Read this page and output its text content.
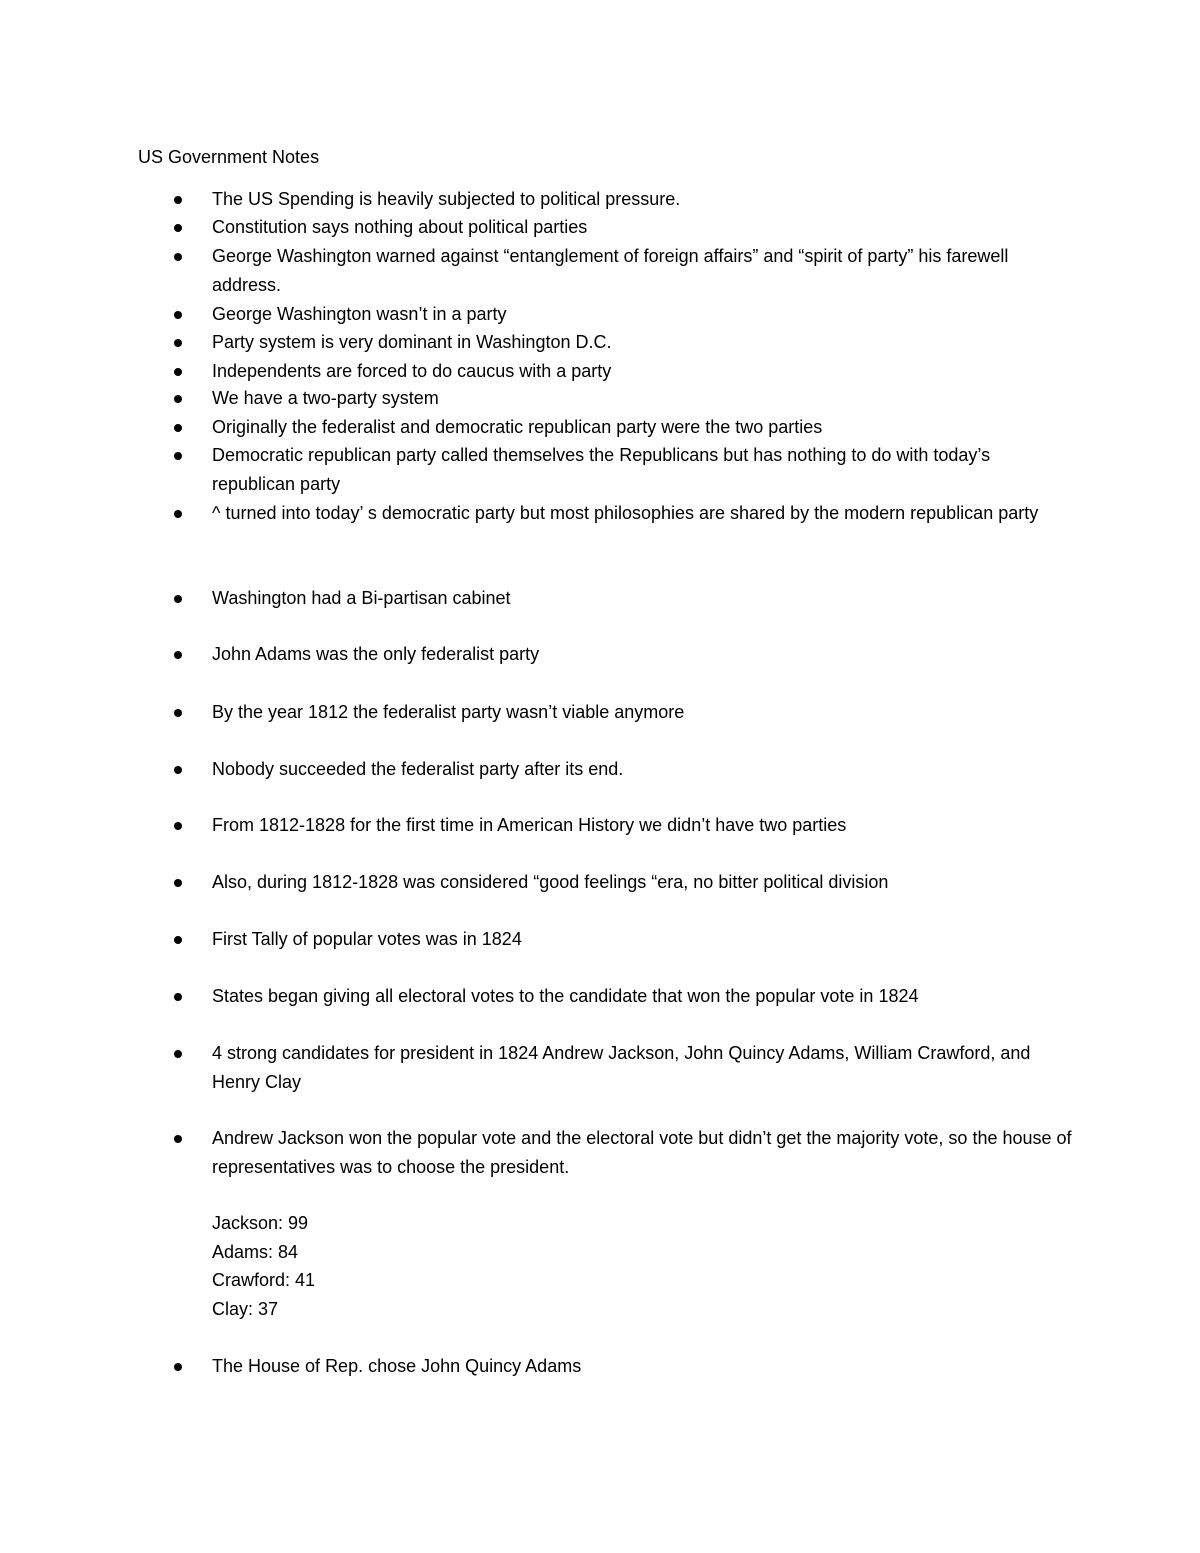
US Government Notes
The US Spending is heavily subjected to political pressure.
Constitution says nothing about political parties
George Washington warned against “entanglement of foreign affairs” and “spirit of party” his farewell address.
George Washington wasn’t in a party
Party system is very dominant in Washington D.C.
Independents are forced to do caucus with a party
We have a two-party system
Originally the federalist and democratic republican party were the two parties
Democratic republican party called themselves the Republicans but has nothing to do with today’s republican party
^ turned into today’ s democratic party but most philosophies are shared by the modern republican party
Washington had a Bi-partisan cabinet
John Adams was the only federalist party
By the year 1812 the federalist party wasn’t viable anymore
Nobody succeeded the federalist party after its end.
From 1812-1828 for the first time in American History we didn’t have two parties
Also, during 1812-1828 was considered “good feelings “era, no bitter political division
First Tally of popular votes was in 1824
States began giving all electoral votes to the candidate that won the popular vote in 1824
4 strong candidates for president in 1824 Andrew Jackson, John Quincy Adams, William Crawford, and Henry Clay
Andrew Jackson won the popular vote and the electoral vote but didn’t get the majority vote, so the house of representatives was to choose the president.
Jackson: 99
Adams: 84
Crawford: 41
Clay: 37
The House of Rep. chose John Quincy Adams
